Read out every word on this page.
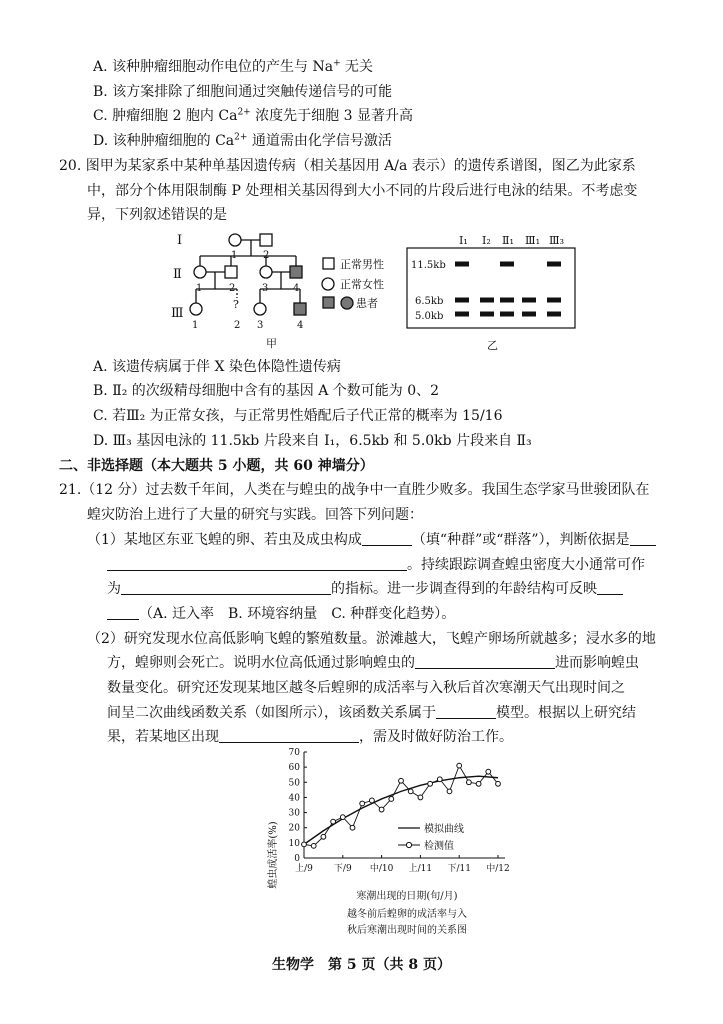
A. 该种肿瘤细胞动作电位的产生与 Na+ 无关
B. 该方案排除了细胞间通过突触传递信号的可能
C. 肿瘤细胞 2 胞内 $Ca^{2+}$ 浓度先于细胞 3 显著升高
D. 该种肿瘤细胞的 $Ca^{2+}$ 通道需由化学信号激活
20. 图甲为某家系中某种单基因遗传病（相关基因用 A/a 表示）的遗传系谱图，图乙为此家系
中，部分个体用限制酶 P 处理相关基因得到大小不同的片段后进行电泳的结果。不考虑变
异，下列叙述错误的是
Ⅰ
Ⅱ
Ⅲ
1	2
1	2	3 4
?
1	2 3	4
正常男性
正常女性
患者
甲
Ⅰ₁ Ⅰ₂ Ⅱ₁ Ⅲ₁ Ⅲ₃
11.5kb
6.5kb
5.0kb
乙
A. 该遗传病属于伴 X 染色体隐性遗传病
B. Ⅱ₂ 的次级精母细胞中含有的基因 A 个数可能为 0、2
C. 若Ⅲ₂ 为正常女孩，与正常男性婚配后子代正常的概率为 15/16
D. Ⅲ₃ 基因电泳的 11.5kb 片段来自 Ⅰ₁，6.5kb 和 5.0kb 片段来自 Ⅱ₃
二、非选择题（本大题共 5 小题，共 60 神墙分）
21.（12 分）过去数千年间，人类在与蝗虫的战争中一直胜少败多。我国生态学家马世骏团队在
蝗灾防治上进行了大量的研究与实践。回答下列问题：
（1）某地区东亚飞蝗的卵、若虫及成虫构成	（填“种群”或“群落”），判断依据是
。持续跟踪调查蝗虫密度大小通常可作
为	的指标。进一步调查得到的年龄结构可反映
（A. 迁入率　B. 环境容纳量　C. 种群变化趋势）。
（2）研究发现水位高低影响飞蝗的繁殖数量。淤滩越大，飞蝗产卵场所就越多；浸水多的地
方，蝗卵则会死亡。说明水位高低通过影响蝗虫的	进而影响蝗虫
数量变化。研究还发现某地区越冬后蝗卵的成活率与入秋后首次寒潮天气出现时间之
间呈二次曲线函数关系（如图所示），该函数关系属于	模型。根据以上研究结
果，若某地区出现	，需及时做好防治工作。
0
10
20
30
40
50
60
70
上/9 下/9 中/10 上/11 下/11 中/12
蝗虫成活率(%)
寒潮出现的日期(旬/月)
越冬前后蝗卵的成活率与入
秋后寒潮出现时间的关系图
模拟曲线
检测值
生物学　第 5 页（共 8 页）
